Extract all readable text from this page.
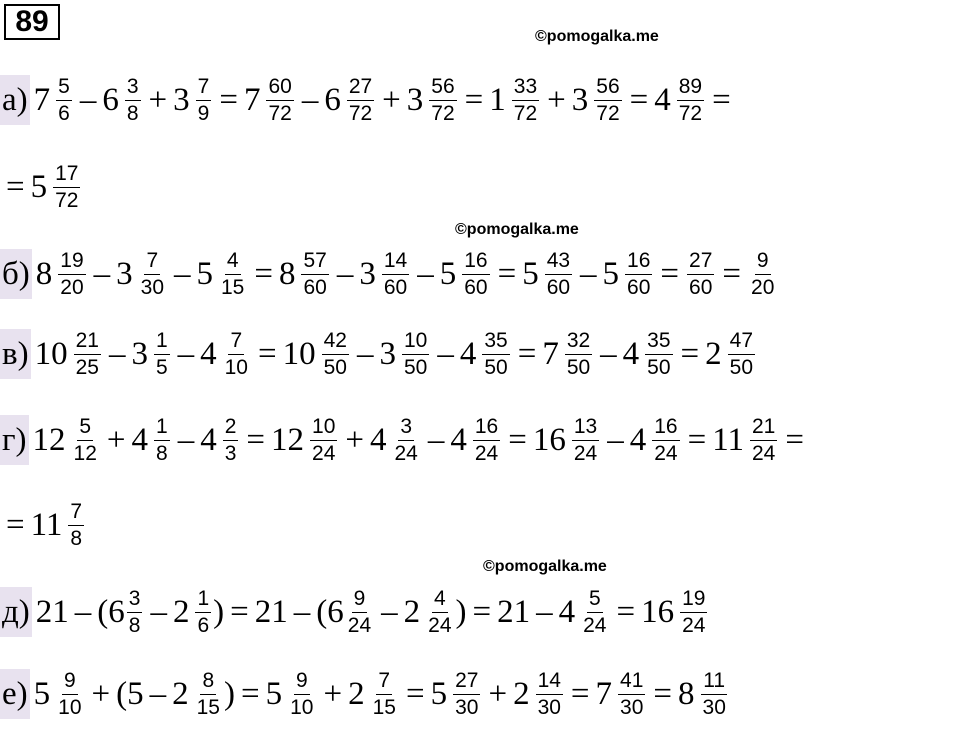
89	©pomogalka.me
©pomogalka.me
©pomogalka.me
а) $7 \frac{5}{6} - 6 \frac{3}{8} + 3 \frac{7}{9} = 7 \frac{60}{72} - 6 \frac{27}{72} + 3 \frac{56}{72} = 1 \frac{33}{72} + 3 \frac{56}{72} = 4 \frac{89}{72}$ =
= $5 \frac{17}{72}$
б) $8 \frac{19}{20} - 3 \frac{7}{30} - 5 \frac{4}{15} = 8 \frac{57}{60} - 3 \frac{14}{60} - 5 \frac{16}{60} = 5 \frac{43}{60} - 5 \frac{16}{60} = \frac{27}{60} = \frac{9}{20}$
в) $10 \frac{21}{25} - 3 \frac{1}{5} - 4 \frac{7}{10} = 10 \frac{42}{50} - 3 \frac{10}{50} - 4 \frac{35}{50} = 7 \frac{32}{50} - 4 \frac{35}{50} = 2 \frac{47}{50}$
г) $12 \frac{5}{12} + 4 \frac{1}{8} - 4 \frac{2}{3} = 12 \frac{10}{24} + 4 \frac{3}{24} - 4 \frac{16}{24} = 16 \frac{13}{24} - 4 \frac{16}{24} = 11 \frac{21}{24}$ =
= $11 \frac{7}{8}$
д) $21 - (6 \frac{3}{8} - 2 \frac{1}{6}$ ) = $21 - (6 \frac{9}{24} - 2 \frac{4}{24}$ ) = $21 - 4 \frac{5}{24} = 16 \frac{19}{24}$
е) $5 \frac{9}{10} + (5 - 2 \frac{8}{15}$ ) = $5 \frac{9}{10} + 2 \frac{7}{15} = 5 \frac{27}{30} + 2 \frac{14}{30} = 7 \frac{41}{30} = 8 \frac{11}{30}$
